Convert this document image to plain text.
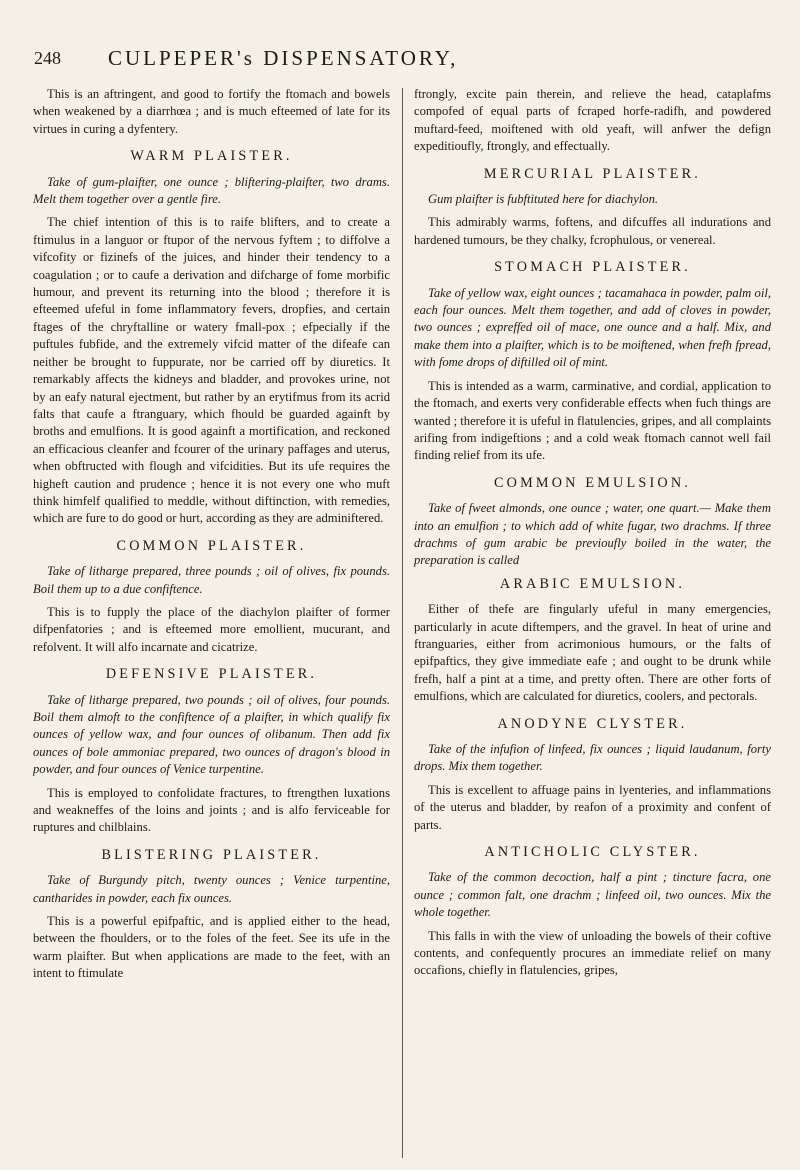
248	CULPEPER's DISPENSATORY,

This is an aftringent, and good to fortify the ftomach and bowels when weakened by a diarrhœa ; and is much efteemed of late for its virtues in curing a dyfentery.

WARM PLAISTER.

Take of gum-plaifter, one ounce ; bliftering-plaifter, two drams. Melt them together over a gentle fire.

The chief intention of this is to raife blifters, and to create a ftimulus in a languor or ftupor of the nervous fyftem ; to diffolve a vifcofity or fizinefs of the juices, and hinder their tendency to a coagulation ; or to caufe a derivation and difcharge of fome morbific humour, and prevent its returning into the blood ; therefore it is efteemed ufeful in fome inflammatory fevers, dropfies, and certain ftages of the chryftalline or watery fmall-pox ; efpecially if the puftules fubfide, and the extremely vifcid matter of the difeafe can neither be brought to fuppurate, nor be carried off by diuretics. It remarkably affects the kidneys and bladder, and provokes urine, not by an eafy natural ejectment, but rather by an erytifmus from its acrid falts that caufe a ftranguary, which fhould be guarded againft by broths and emulfions. It is good againft a mortification, and reckoned an efficacious cleanfer and fcourer of the urinary paffages and uterus, when obftructed with flough and vifcidities. But its ufe requires the higheft caution and prudence ; hence it is not every one who muft think himfelf qualified to meddle, without diftinction, with remedies, which are fure to do good or hurt, according as they are adminiftered.

COMMON PLAISTER.

Take of litharge prepared, three pounds ; oil of olives, fix pounds. Boil them up to a due confiftence.

This is to fupply the place of the diachylon plaifter of former difpenfatories ; and is efteemed more emollient, mucurant, and refolvent. It will alfo incarnate and cicatrize.

DEFENSIVE PLAISTER.

Take of litharge prepared, two pounds ; oil of olives, four pounds. Boil them almoft to the confiftence of a plaifter, in which qualify fix ounces of yellow wax, and four ounces of olibanum. Then add fix ounces of bole ammoniac prepared, two ounces of dragon's blood in powder, and four ounces of Venice turpentine.

This is employed to confolidate fractures, to ftrengthen luxations and weakneffes of the loins and joints ; and is alfo ferviceable for ruptures and chilblains.

BLISTERING PLAISTER.

Take of Burgundy pitch, twenty ounces ; Venice turpentine, cantharides in powder, each fix ounces.

This is a powerful epifpaftic, and is applied either to the head, between the fhoulders, or to the foles of the feet. See its ufe in the warm plaifter. But when applications are made to the feet, with an intent to ftimulate

ftrongly, excite pain therein, and relieve the head, cataplafms compofed of equal parts of fcraped horfe-radifh, and powdered muftard-feed, moiftened with old yeaft, will anfwer the defign expeditioufly, ftrongly, and effectually.

MERCURIAL PLAISTER.

Gum plaifter is fubftituted here for diachylon.

This admirably warms, foftens, and difcuffes all indurations and hardened tumours, be they chalky, fcrophulous, or venereal.

STOMACH PLAISTER.

Take of yellow wax, eight ounces ; tacamahaca in powder, palm oil, each four ounces. Melt them together, and add of cloves in powder, two ounces ; expreffed oil of mace, one ounce and a half. Mix, and make them into a plaifter, which is to be moiftened, when frefh fpread, with fome drops of diftilled oil of mint.

This is intended as a warm, carminative, and cordial, application to the ftomach, and exerts very confiderable effects when fuch things are wanted ; therefore it is ufeful in flatulencies, gripes, and all complaints arifing from indigeftions ; and a cold weak ftomach cannot well fail finding relief from its ufe.

COMMON EMULSION.

Take of fweet almonds, one ounce ; water, one quart.— Make them into an emulfion ; to which add of white fugar, two drachms. If three drachms of gum arabic be previoufly boiled in the water, the preparation is called

ARABIC EMULSION.

Either of thefe are fingularly ufeful in many emergencies, particularly in acute diftempers, and the gravel. In heat of urine and ftranguaries, either from acrimonious humours, or the falts of epifpaftics, they give immediate eafe ; and ought to be drunk while frefh, half a pint at a time, and pretty often. There are other forts of emulfions, which are calculated for diuretics, coolers, and pectorals.

ANODYNE CLYSTER.

Take of the infufion of linfeed, fix ounces ; liquid laudanum, forty drops. Mix them together.

This is excellent to affuage pains in lyenteries, and inflammations of the uterus and bladder, by reafon of a proximity and confent of parts.

ANTICHOLIC CLYSTER.

Take of the common decoction, half a pint ; tincture facra, one ounce ; common falt, one drachm ; linfeed oil, two ounces. Mix the whole together.

This falls in with the view of unloading the bowels of their coftive contents, and confequently procures an immediate relief on many occafions, chiefly in flatulencies, gripes,
